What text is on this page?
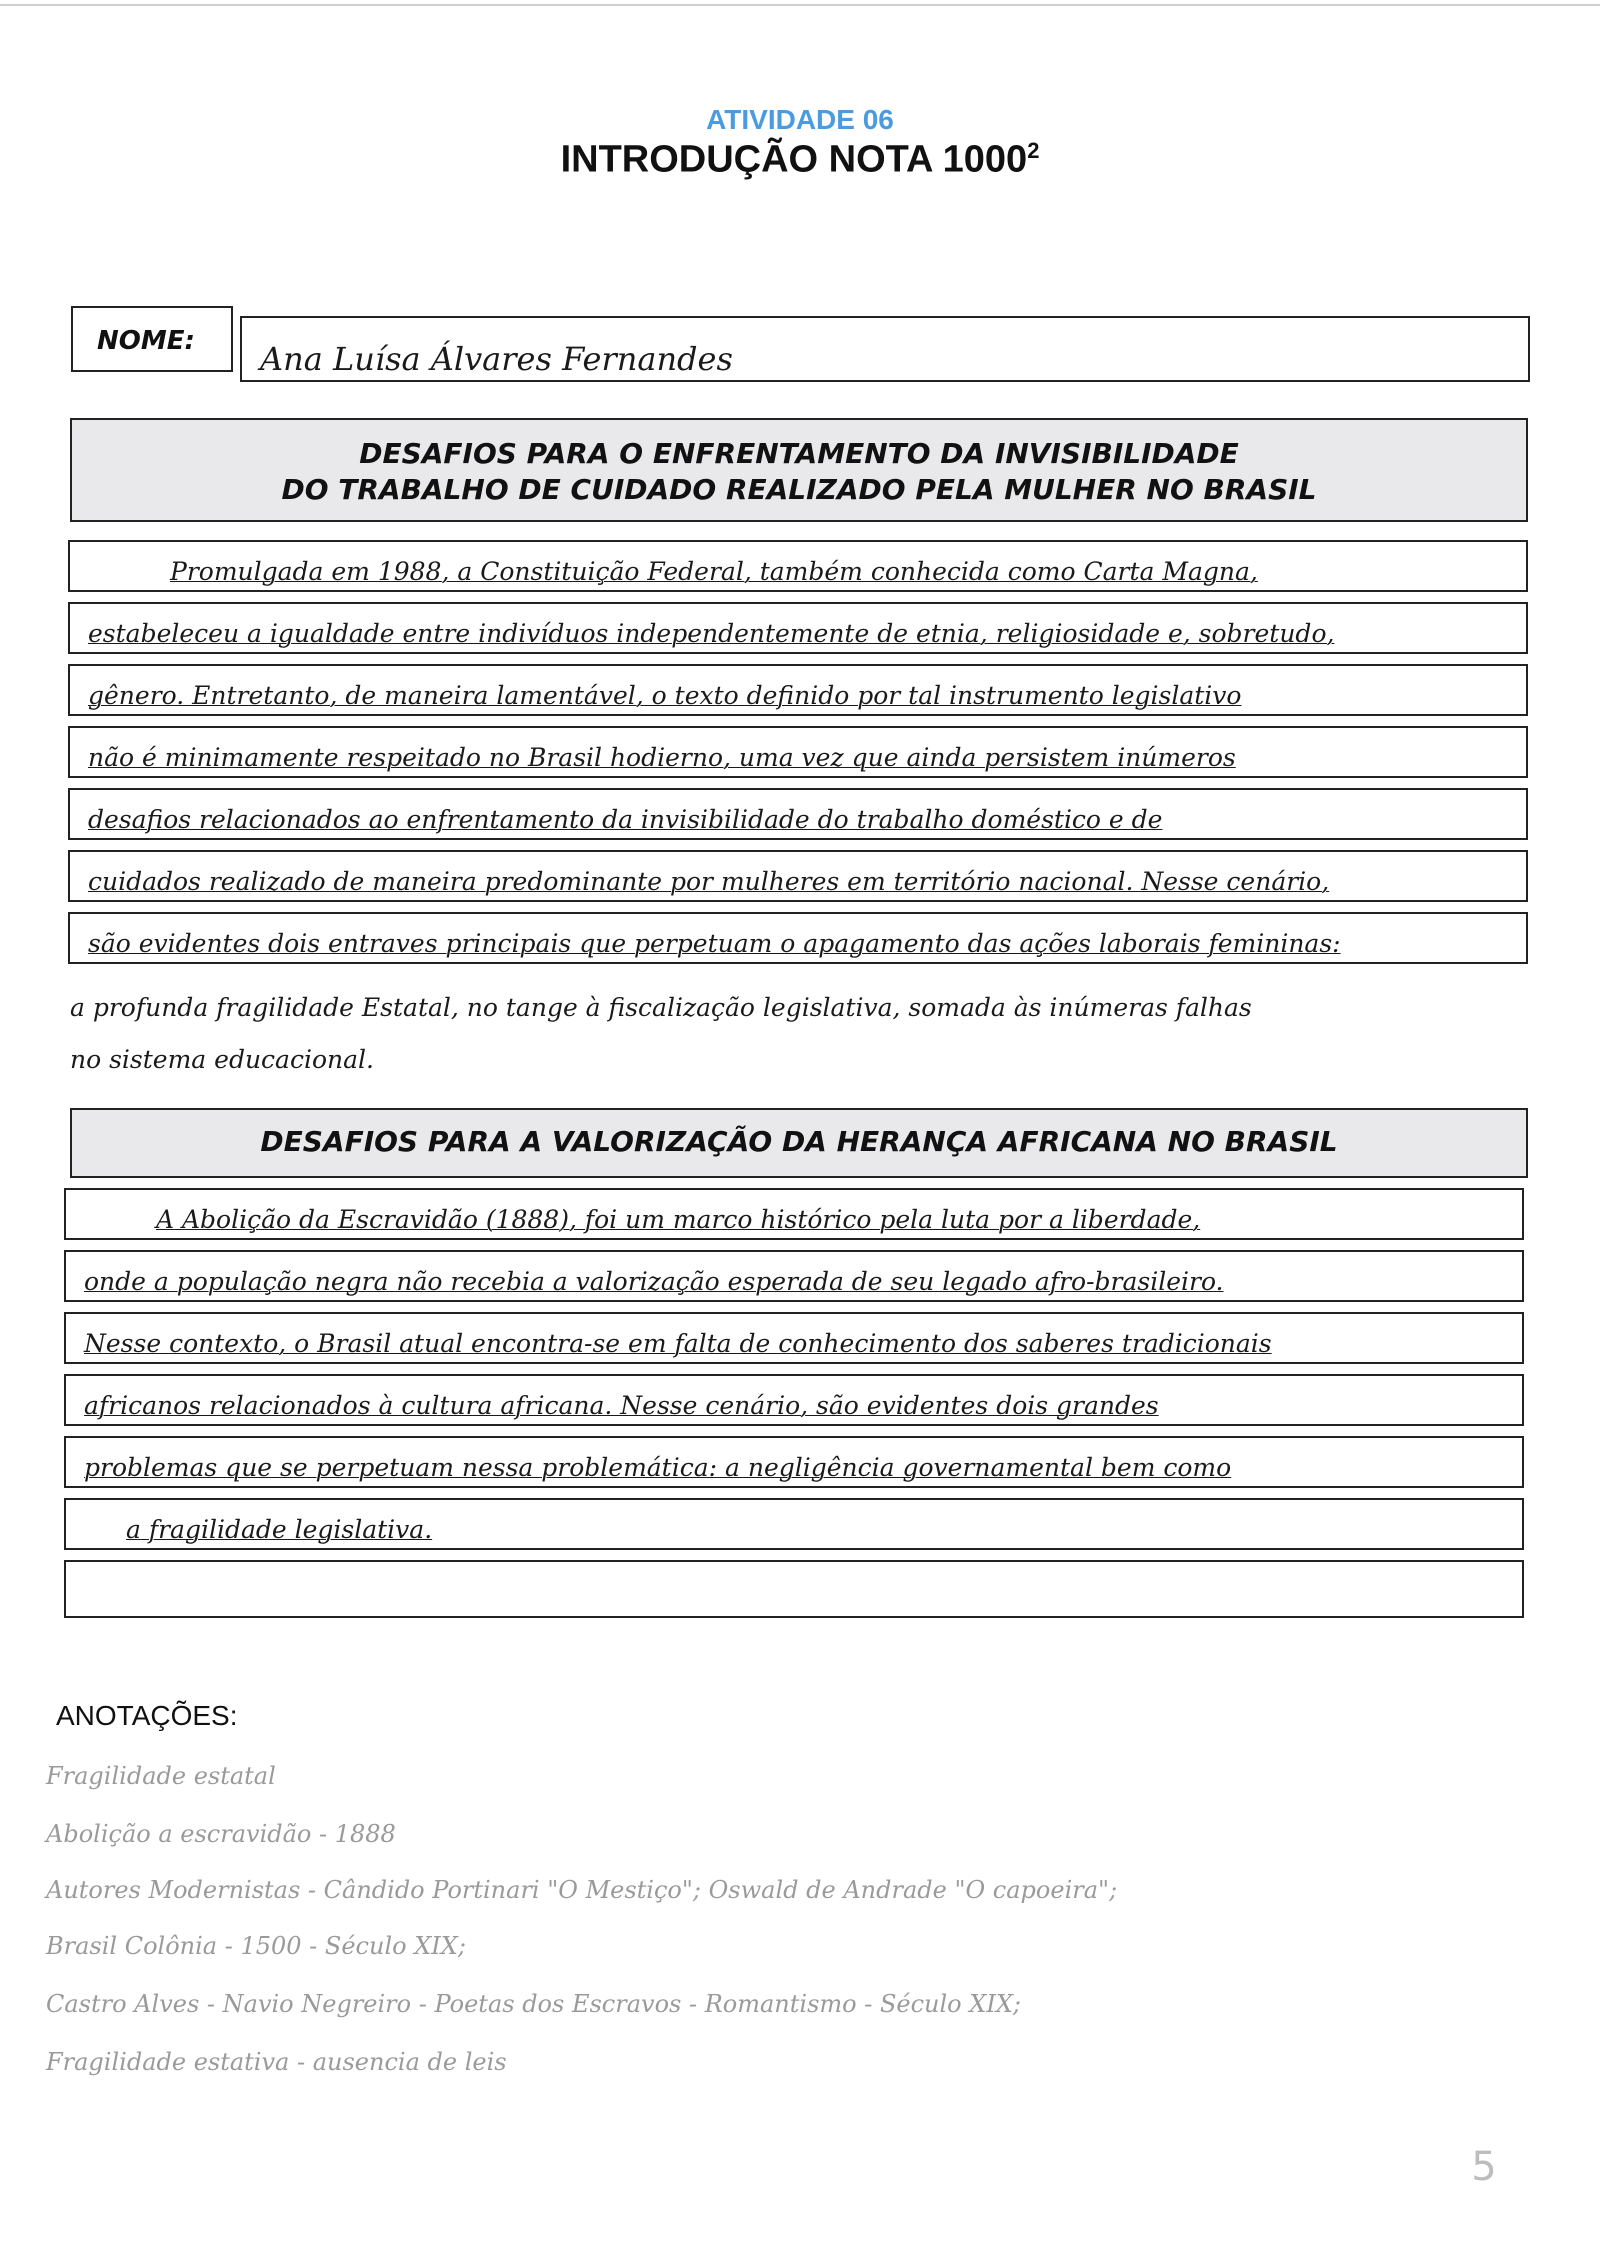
ATIVIDADE 06
INTRODUÇÃO NOTA 1000$^2$
NOME: Ana Luísa Álvares Fernandes
DESAFIOS PARA O ENFRENTAMENTO DA INVISIBILIDADE
DO TRABALHO DE CUIDADO REALIZADO PELA MULHER NO BRASIL
Promulgada em 1988, a Constituição Federal, também conhecida como Carta Magna,
estabeleceu a igualdade entre indivíduos independentemente de etnia, religiosidade e, sobretudo,
gênero. Entretanto, de maneira lamentável, o texto definido por tal instrumento legislativo
não é minimamente respeitado no Brasil hodierno, uma vez que ainda persistem inúmeros
desafios relacionados ao enfrentamento da invisibilidade do trabalho doméstico e de
cuidados realizado de maneira predominante por mulheres em território nacional. Nesse cenário,
são evidentes dois entraves principais que perpetuam o apagamento das ações laborais femininas:
a profunda fragilidade Estatal, no tange à fiscalização legislativa, somada às inúmeras falhas
no sistema educacional.
DESAFIOS PARA A VALORIZAÇÃO DA HERANÇA AFRICANA NO BRASIL
A Abolição da Escravidão (1888), foi um marco histórico pela luta por a liberdade,
onde a população negra não recebia a valorização esperada de seu legado afro-brasileiro.
Nesse contexto, o Brasil atual encontra-se em falta de conhecimento dos saberes tradicionais
africanos relacionados à cultura africana. Nesse cenário, são evidentes dois grandes
problemas que se perpetuam nessa problemática: a negligência governamental bem como
a fragilidade legislativa.
ANOTAÇÕES:
Fragilidade estatal
Abolição a escravidão - 1888
Autores Modernistas - Cândido Portinari "O Mestiço"; Oswald de Andrade "O capoeira";
Brasil Colônia - 1500 - Século XIX;
Castro Alves - Navio Negreiro - Poetas dos Escravos - Romantismo - Século XIX;
Fragilidade estativa - ausencia de leis
5
